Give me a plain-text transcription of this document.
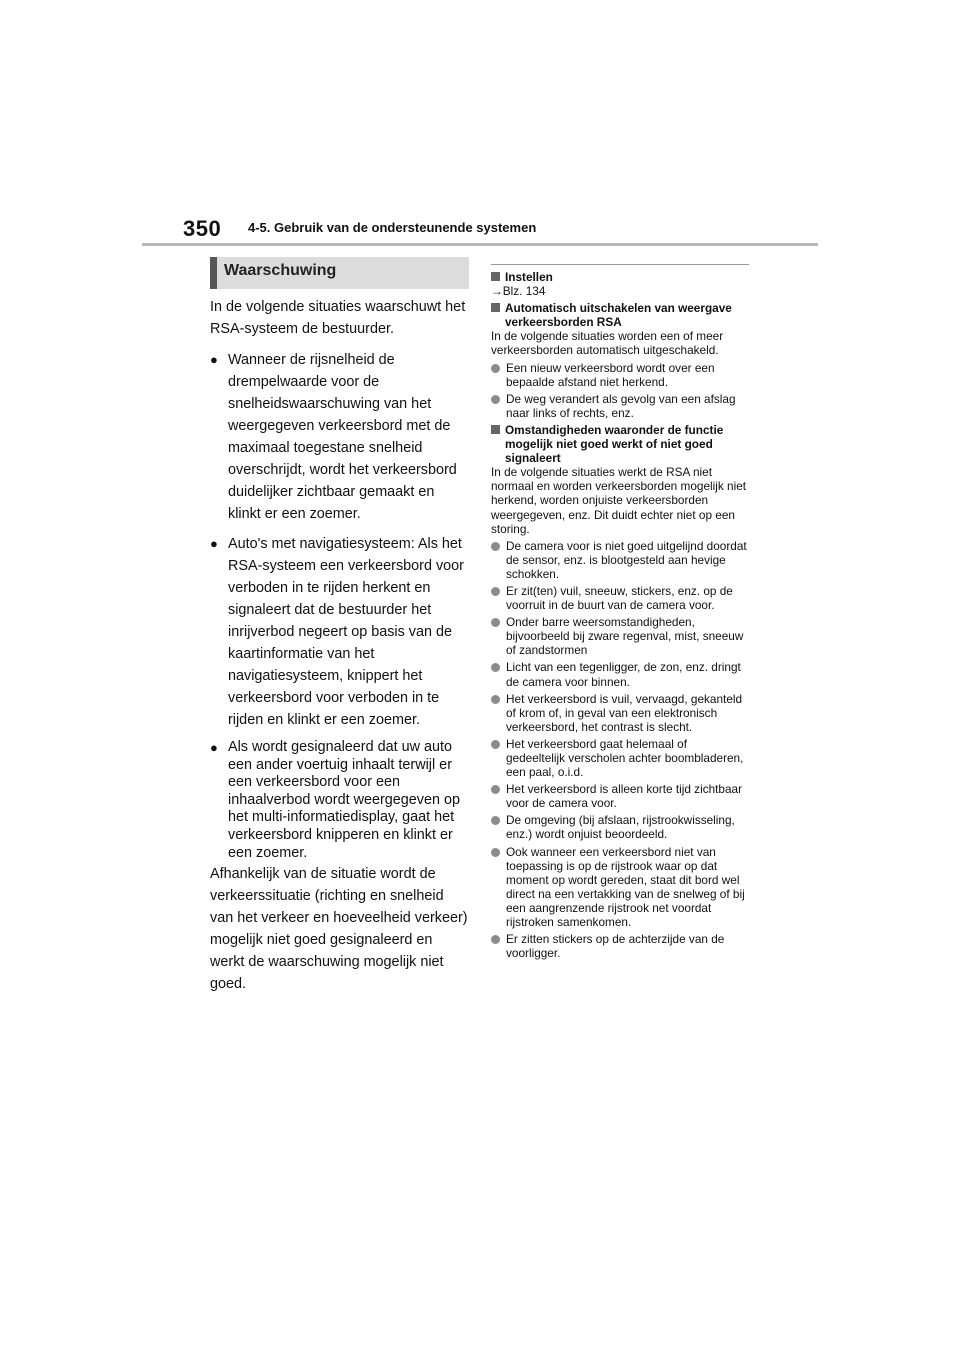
350 4-5. Gebruik van de ondersteunende systemen
Waarschuwing

In de volgende situaties waarschuwt het RSA-systeem de bestuurder.

● Wanneer de rijsnelheid de drempelwaarde voor de snelheidswaarschuwing van het weergegeven verkeersbord met de maximaal toegestane snelheid overschrijdt, wordt het verkeersbord duidelijker zichtbaar gemaakt en klinkt er een zoemer.
● Auto's met navigatiesysteem: Als het RSA-systeem een verkeersbord voor verboden in te rijden herkent en signaleert dat de bestuurder het inrijverbod negeert op basis van de kaartinformatie van het navigatiesysteem, knippert het verkeersbord voor verboden in te rijden en klinkt er een zoemer.
● Als wordt gesignaleerd dat uw auto een ander voertuig inhaalt terwijl er een verkeersbord voor een inhaalverbod wordt weergegeven op het multi-informatiedisplay, gaat het verkeersbord knipperen en klinkt er een zoemer.

Afhankelijk van de situatie wordt de verkeerssituatie (richting en snelheid van het verkeer en hoeveelheid verkeer) mogelijk niet goed gesignaleerd en werkt de waarschuwing mogelijk niet goed.

Instellen

→Blz. 134

Automatisch uitschakelen van weergave verkeersborden RSA

In de volgende situaties worden een of meer verkeersborden automatisch uitgeschakeld.

Een nieuw verkeersbord wordt over een bepaalde afstand niet herkend.

De weg verandert als gevolg van een afslag naar links of rechts, enz.

Omstandigheden waaronder de functie mogelijk niet goed werkt of niet goed signaleert

In de volgende situaties werkt de RSA niet normaal en worden verkeersborden mogelijk niet herkend, worden onjuiste verkeersborden weergegeven, enz. Dit duidt echter niet op een storing.

De camera voor is niet goed uitgelijnd doordat de sensor, enz. is blootgesteld aan hevige schokken.

Er zit(ten) vuil, sneeuw, stickers, enz. op de voorruit in de buurt van de camera voor.

Onder barre weersomstandigheden, bijvoorbeeld bij zware regenval, mist, sneeuw of zandstormen

Licht van een tegenligger, de zon, enz. dringt de camera voor binnen.

Het verkeersbord is vuil, vervaagd, gekanteld of krom of, in geval van een elektronisch verkeersbord, het contrast is slecht.

Het verkeersbord gaat helemaal of gedeeltelijk verscholen achter boombladeren, een paal, o.i.d.

Het verkeersbord is alleen korte tijd zichtbaar voor de camera voor.

De omgeving (bij afslaan, rijstrookwisseling, enz.) wordt onjuist beoordeeld.

Ook wanneer een verkeersbord niet van toepassing is op de rijstrook waar op dat moment op wordt gereden, staat dit bord wel direct na een vertakking van de snelweg of bij een aangrenzende rijstrook net voordat rijstroken samenkomen.

Er zitten stickers op de achterzijde van de voorligger.
